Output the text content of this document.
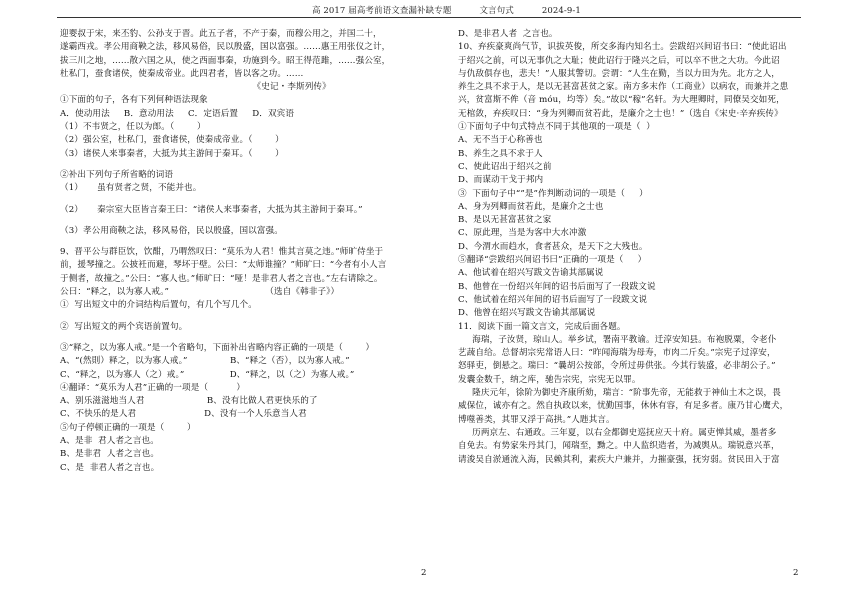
高 2017 届高考前语文查漏补缺专题          文言句式          2024-9-1
迎婴叔于宋，来丕豹、公孙支于晋。此五子者，不产于秦，而穆公用之，并国二十，
遂霸西戎。孝公用商鞅之法，移风易俗，民以殷盛，国以富强。……惠王用张仪之计，
拔三川之地，……散六国之从，使之西面事秦，功施到今。昭王得范雎，……强公室，
杜私门，蚕食诸侯，使秦成帝业。此四君者，皆以客之功。……
《史记・李斯列传》
①下面的句子，各有下列何种语法现象
A．使动用法     B．意动用法     C．定语后置     D．双宾语
（1）不韦贤之，任以为郎。（        ）
（2）强公室，杜私门，蚕食诸侯，使秦成帝业。（        ）
（3）诸侯人来事秦者，大抵为其主游间于秦耳。（        ）
②补出下列句子所省略的词语
（1）     虽有贤者之贤，不能并也。
（2）     秦宗室大臣皆言秦王曰：“诸侯人来事秦者，大抵为其主游间于秦耳。”
（3）孝公用商鞅之法，移风易俗，民以殷盛，国以富强。
9、晋平公与群臣饮，饮酣，乃喟然叹曰：“莫乐为人君！惟其言莫之违。”师旷侍坐于
前，援琴撞之。公披衽而避，琴坏于壁。公曰：“太师谁撞？”师旷曰：“今者有小人言
于侧者，故撞之。”公曰：“寡人也。”师旷曰：“哑！是非君人者之言也。”左右请除之。
公曰：“释之，以为寡人戒。”                                  （选自《韩非子》）
①  写出短文中的介词结构后置句，有几个写几个。
②  写出短文的两个宾语前置句。
③“释之，以为寡人戒。”是一个省略句，下面补出省略内容正确的一项是（        ）
A、“(然則）释之，以为寡人戒。”               B、“释之（否），以为寡人戒。”
C、“释之，以为寡人（之）戒。”                D、“释之，以（之）为寡人戒。”
④翻译：“莫乐为人君”正确的一项是（          ）
A、别乐滋滋地当人君                      B、没有比做人君更快乐的了
C、不快乐的是人君                        D、没有一个人乐意当人君
⑤句子停顿正确的一项是（        ）
A、是非  君人者之言也。
B、是非君  人者之言也。
C、是  非君人者之言也。
D、是非君人者  之言也。
10、弃疾豪爽尚气节，识拔英俊，所交多海内知名士。尝跋绍兴间诏书曰：“使此诏出
于绍兴之前，可以无事仇之大耻；使此诏行于隆兴之后，可以卒不世之大功。今此诏
与仇敌俱存也，悲夫！”人服其警切。尝谓：“人生在勤，当以力田为先。北方之人，
养生之具不求于人，是以无甚富甚贫之家。南方多末作（工商业）以病农，而兼并之患
兴，贫富斯不侔（音 móu，均等）矣。”故以“稼”名轩。为大理卿时，同僚吴交如死，
无棺敛，弃疾叹曰：“身为列卿而贫若此，是廉介之士也！”（选自《宋史·辛弃疾传》
①下面句子中句式特点不同于其他项的一项是（  ）
A、无不当于心称善也
B、养生之具不求于人
C、使此诏出于绍兴之前
D、而谋动干戈于邦内
③  下面句子中“”是”作判断动词的一项是（     ）
A、身为列卿而贫若此，是廉介之士也
B、是以无甚富甚贫之家
C、原此理，当是为客中大水冲激
D、今渭水而趋水，食者甚众，是天下之大残也。
⑤翻译“尝跋绍兴间诏书曰”正确的一项是（     ）
A、他试着在绍兴写跋文告谕其部属说
B、他曾在一份绍兴年间的诏书后面写了一段跋文说
C、他试着在绍兴年间的诏书后面写了一段跋文说
D、他曾在绍兴写跋文告谕其部属说
11．阅读下面一篇文言文，完成后面各题。
海瑞，子汝贤，琼山人。举乡试，署南平教谕。迁淳安知县。布袍脱粟，令老仆
艺蔬自给。总督胡宗宪常语人曰：“昨闻海瑞为母寿，市肉二斤矣。”宗宪子过淳安，
怒驿吏，倒悬之。瑞曰：“曩胡公按部，令所过毋供张。今其行装盛，必非胡公子。”
发囊金数千，纳之库，驰告宗宪，宗宪无以罪。
隆庆元年，徐阶为御史齐康所劾，瑞言：“阶事先帝，无能救于神仙土木之误，畏
威保位，诚亦有之。然自执政以来，忧勤国事，休休有容，有足多者。康乃甘心鹰犬，
博噬善类，其罪又浮于高拱。”人韪其言。
历两京左、右通政。三年夏，以右佥都御史巡抚应天十府。属吏惮其威，墨者多
自免去。有势家朱丹其门，闻瑞至，黝之。中人监织造者，为减舆从。瑞锐意兴革，
请浚吴自淤通流入海，民赖其利，素疾大户兼并，力摧豪强，抚穷弱。贫民田入于富
2	2
